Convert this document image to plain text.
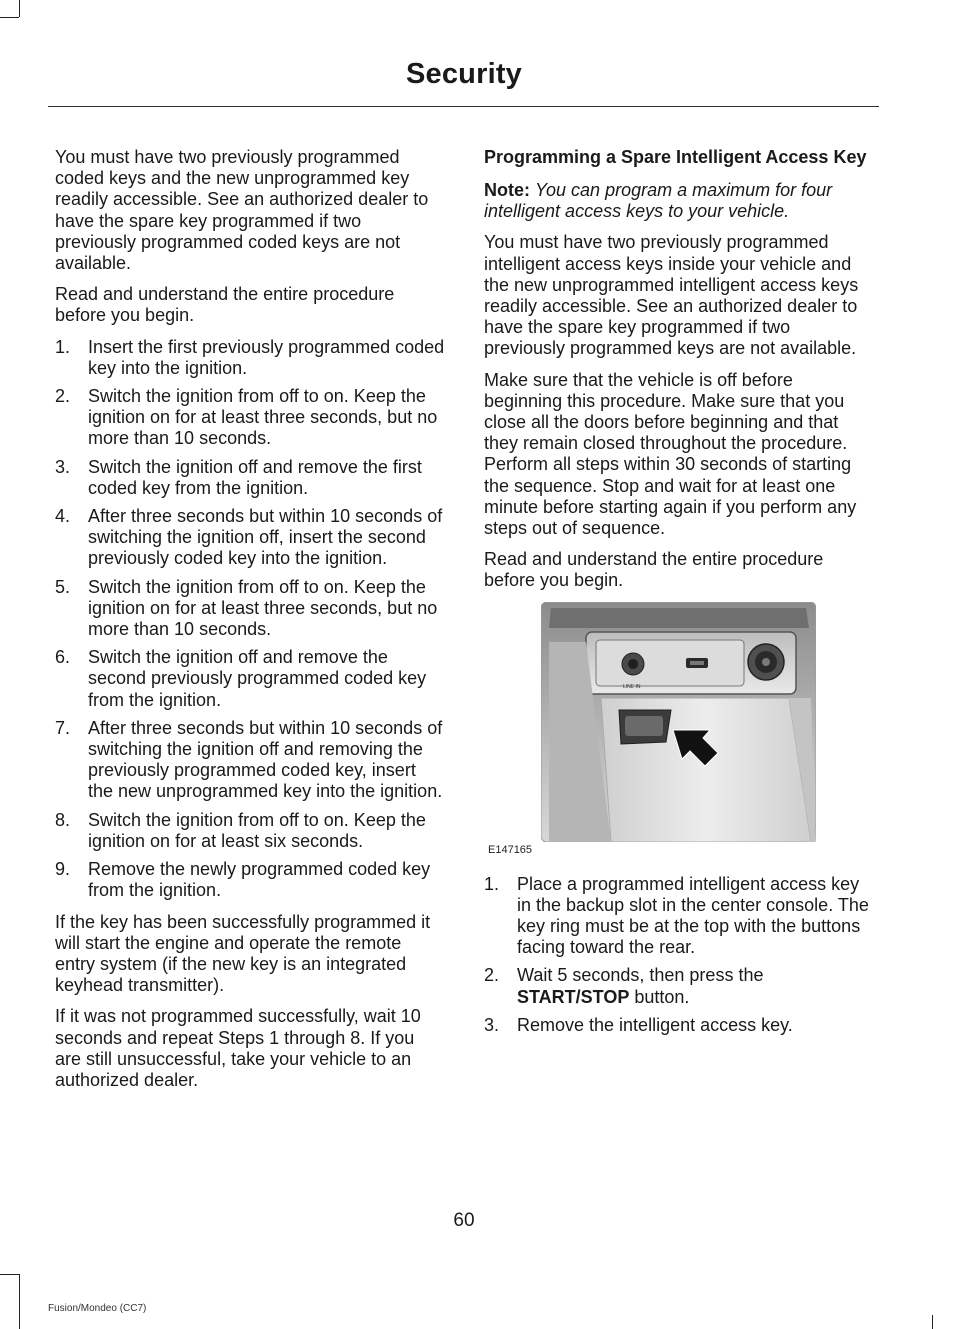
Security

You must have two previously programmed coded keys and the new unprogrammed key readily accessible. See an authorized dealer to have the spare key programmed if two previously programmed coded keys are not available.

Read and understand the entire procedure before you begin.

1. Insert the first previously programmed coded key into the ignition.
2. Switch the ignition from off to on. Keep the ignition on for at least three seconds, but no more than 10 seconds.
3. Switch the ignition off and remove the first coded key from the ignition.
4. After three seconds but within 10 seconds of switching the ignition off, insert the second previously coded key into the ignition.
5. Switch the ignition from off to on. Keep the ignition on for at least three seconds, but no more than 10 seconds.
6. Switch the ignition off and remove the second previously programmed coded key from the ignition.
7. After three seconds but within 10 seconds of switching the ignition off and removing the previously programmed coded key, insert the new unprogrammed key into the ignition.
8. Switch the ignition from off to on. Keep the ignition on for at least six seconds.
9. Remove the newly programmed coded key from the ignition.

If the key has been successfully programmed it will start the engine and operate the remote entry system (if the new key is an integrated keyhead transmitter).

If it was not programmed successfully, wait 10 seconds and repeat Steps 1 through 8. If you are still unsuccessful, take your vehicle to an authorized dealer.

Programming a Spare Intelligent Access Key

Note: You can program a maximum for four intelligent access keys to your vehicle.

You must have two previously programmed intelligent access keys inside your vehicle and the new unprogrammed intelligent access keys readily accessible. See an authorized dealer to have the spare key programmed if two previously programmed keys are not available.

Make sure that the vehicle is off before beginning this procedure. Make sure that you close all the doors before beginning and that they remain closed throughout the procedure. Perform all steps within 30 seconds of starting the sequence. Stop and wait for at least one minute before starting again if you perform any steps out of sequence.

Read and understand the entire procedure before you begin.

LINE IN
E147165
1. Place a programmed intelligent access key in the backup slot in the center console. The key ring must be at the top with the buttons facing toward the rear.
2. Wait 5 seconds, then press the START/STOP button.
3. Remove the intelligent access key.
60
Fusion/Mondeo (CC7)
